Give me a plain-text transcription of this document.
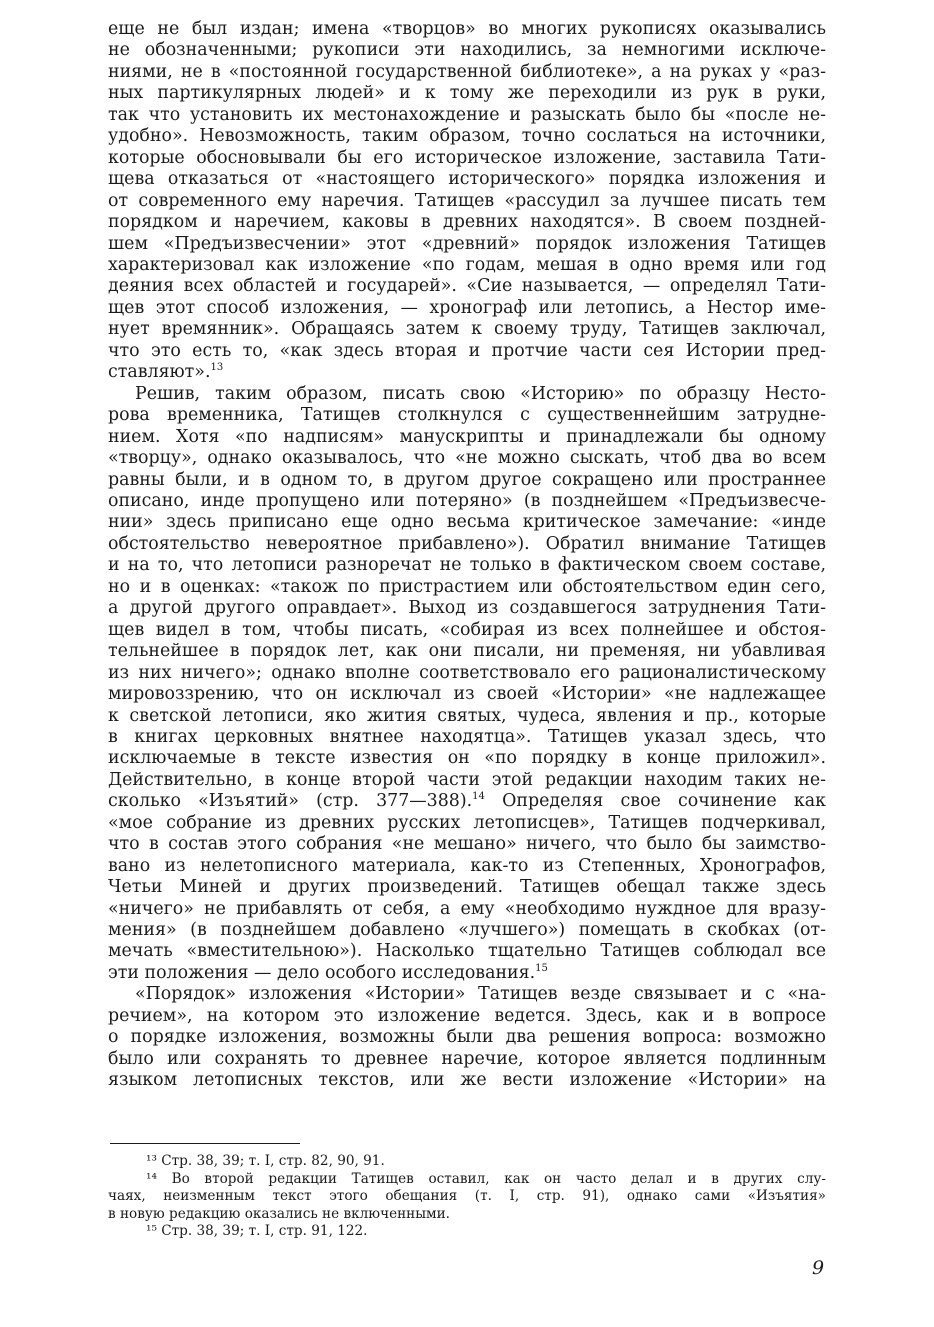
еще не был издан; имена «творцов» во многих рукописях оказывались
не обозначенными; рукописи эти находились, за немногими исключе-
ниями, не в «постоянной государственной библиотеке», а на руках у «раз-
ных партикулярных людей» и к тому же переходили из рук в руки,
так что установить их местонахождение и разыскать было бы «после не-
удобно». Невозможность, таким образом, точно сослаться на источники,
которые обосновывали бы его историческое изложение, заставила Тати-
щева отказаться от «настоящего исторического» порядка изложения и
от современного ему наречия. Татищев «рассудил за лучшее писать тем
порядком и наречием, каковы в древних находятся». В своем поздней-
шем «Предъизвесчении» этот «древний» порядок изложения Татищев
характеризовал как изложение «по годам, мешая в одно время или год
деяния всех областей и государей». «Сие называется, — определял Тати-
щев этот способ изложения, — хронограф или летопись, а Нестор име-
нует времянник». Обращаясь затем к своему труду, Татищев заключал,
что это есть то, «как здесь вторая и протчие части сея Истории пред-
ставляют».$^{13}$
Решив, таким образом, писать свою «Историю» по образцу Несто-
рова временника, Татищев столкнулся с существеннейшим затрудне-
нием. Хотя «по надписям» манускрипты и принадлежали бы одному
«творцу», однако оказывалось, что «не можно сыскать, чтоб два во всем
равны были, и в одном то, в другом другое сокращено или пространнее
описано, инде пропущено или потеряно» (в позднейшем «Предъизвесче-
нии» здесь приписано еще одно весьма критическое замечание: «инде
обстоятельство невероятное прибавлено»). Обратил внимание Татищев
и на то, что летописи разноречат не только в фактическом своем составе,
но и в оценках: «також по пристрастием или обстоятельством един сего,
а другой другого оправдает». Выход из создавшегося затруднения Тати-
щев видел в том, чтобы писать, «собирая из всех полнейшее и обстоя-
тельнейшее в порядок лет, как они писали, ни пременяя, ни убавливая
из них ничего»; однако вполне соответствовало его рационалистическому
мировоззрению, что он исключал из своей «Истории» «не надлежащее
к светской летописи, яко жития святых, чудеса, явления и пр., которые
в книгах церковных внятнее находятца». Татищев указал здесь, что
исключаемые в тексте известия он «по порядку в конце приложил».
Действительно, в конце второй части этой редакции находим таких не-
сколько «Изъятий» (стр. 377—388).$^{14}$ Определяя свое сочинение как
«мое собрание из древних русских летописцев», Татищев подчеркивал,
что в состав этого собрания «не мешано» ничего, что было бы заимство-
вано из нелетописного материала, как-то из Степенных, Хронографов,
Четьи Миней и других произведений. Татищев обещал также здесь
«ничего» не прибавлять от себя, а ему «необходимо нуждное для вразу-
мения» (в позднейшем добавлено «лучшего») помещать в скобках (от-
мечать «вместительною»). Насколько тщательно Татищев соблюдал все
эти положения — дело особого исследования.$^{15}$
«Порядок» изложения «Истории» Татищев везде связывает и с «на-
речием», на котором это изложение ведется. Здесь, как и в вопросе
о порядке изложения, возможны были два решения вопроса: возможно
было или сохранять то древнее наречие, которое является подлинным
языком летописных текстов, или же вести изложение «Истории» на
¹³ Стр. 38, 39; т. I, стр. 82, 90, 91.
¹⁴ Во второй редакции Татищев оставил, как он часто делал и в других слу-
чаях, неизменным текст этого обещания (т. I, стр. 91), однако сами «Изъятия»
в новую редакцию оказались не включенными.
¹⁵ Стр. 38, 39; т. I, стр. 91, 122.
9
